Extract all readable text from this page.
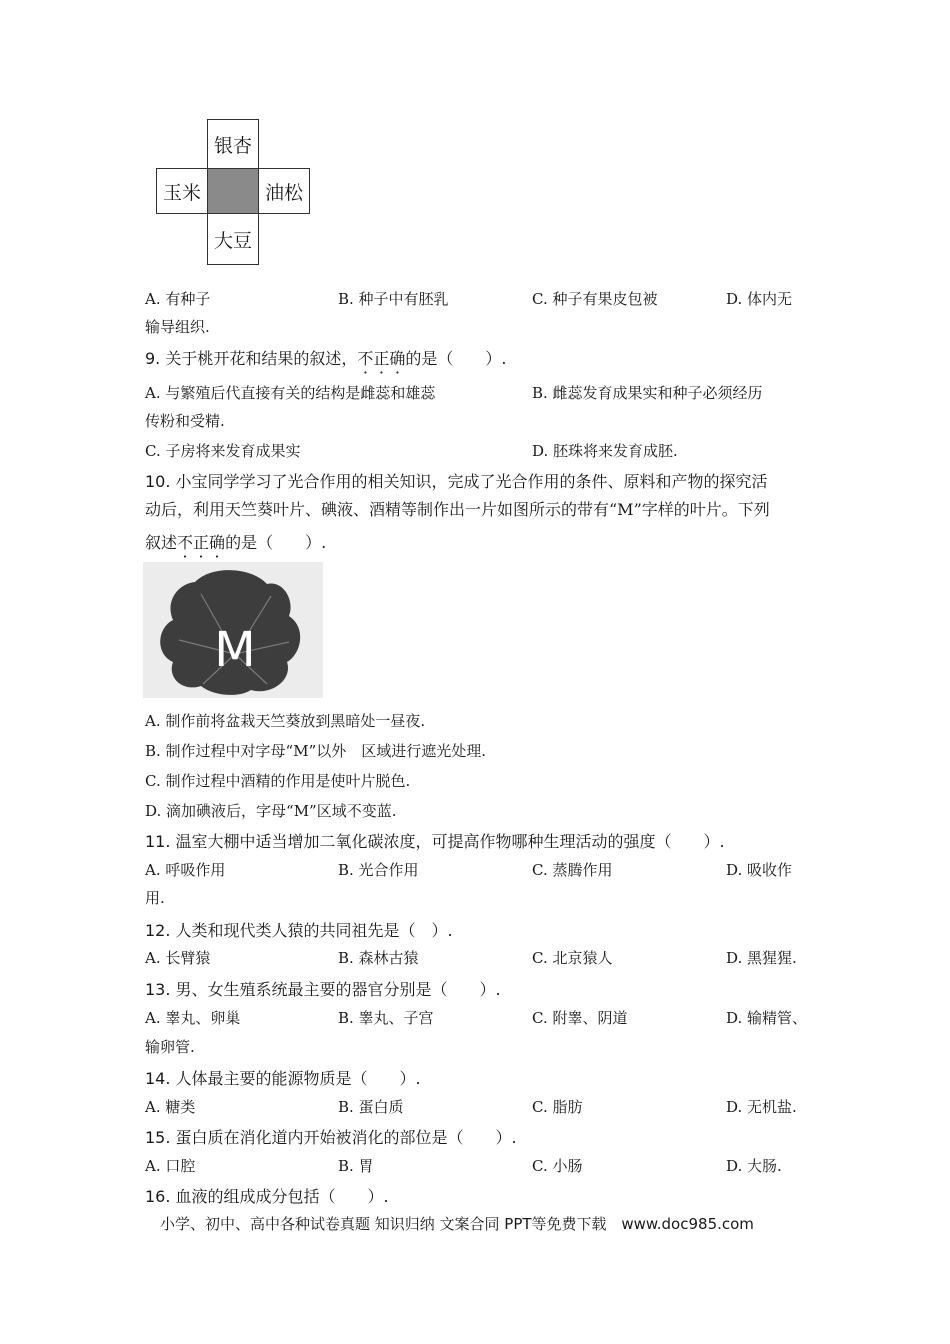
银杏
玉米	油松
大豆
A. 有种子	B. 种子中有胚乳	C. 种子有果皮包被	D. 体内无
输导组织.
9. 关于桃开花和结果的叙述，不正确的是（　　）.
A. 与繁殖后代直接有关的结构是雌蕊和雄蕊	B. 雌蕊发育成果实和种子必须经历
传粉和受精.
C. 子房将来发育成果实	D. 胚珠将来发育成胚.
10. 小宝同学学习了光合作用的相关知识，完成了光合作用的条件、原料和产物的探究活
动后，利用天竺葵叶片、碘液、酒精等制作出一片如图所示的带有“M”字样的叶片。下列
叙述不正确的是（　　）.
M
A. 制作前将盆栽天竺葵放到黑暗处一昼夜.
B. 制作过程中对字母“M”以外　区域进行遮光处理.
C. 制作过程中酒精的作用是使叶片脱色.
D. 滴加碘液后，字母“M”区域不变蓝.
11. 温室大棚中适当增加二氧化碳浓度，可提高作物哪种生理活动的强度（　　）.
A. 呼吸作用	B. 光合作用	C. 蒸腾作用	D. 吸收作
用.
12. 人类和现代类人猿的共同祖先是（　）.
A. 长臂猿	B. 森林古猿	C. 北京猿人	D. 黑猩猩.
13. 男、女生殖系统最主要的器官分别是（　　）.
A. 睾丸、卵巢	B. 睾丸、子宫	C. 附睾、阴道	D. 输精管、
输卵管.
14. 人体最主要的能源物质是（　　）.
A. 糖类	B. 蛋白质	C. 脂肪	D. 无机盐.
15. 蛋白质在消化道内开始被消化的部位是（　　）.
A. 口腔	B. 胃	C. 小肠	D. 大肠.
16. 血液的组成成分包括（　　）.
小学、初中、高中各种试卷真题 知识归纳 文案合同 PPT等免费下载 www.doc985.com
